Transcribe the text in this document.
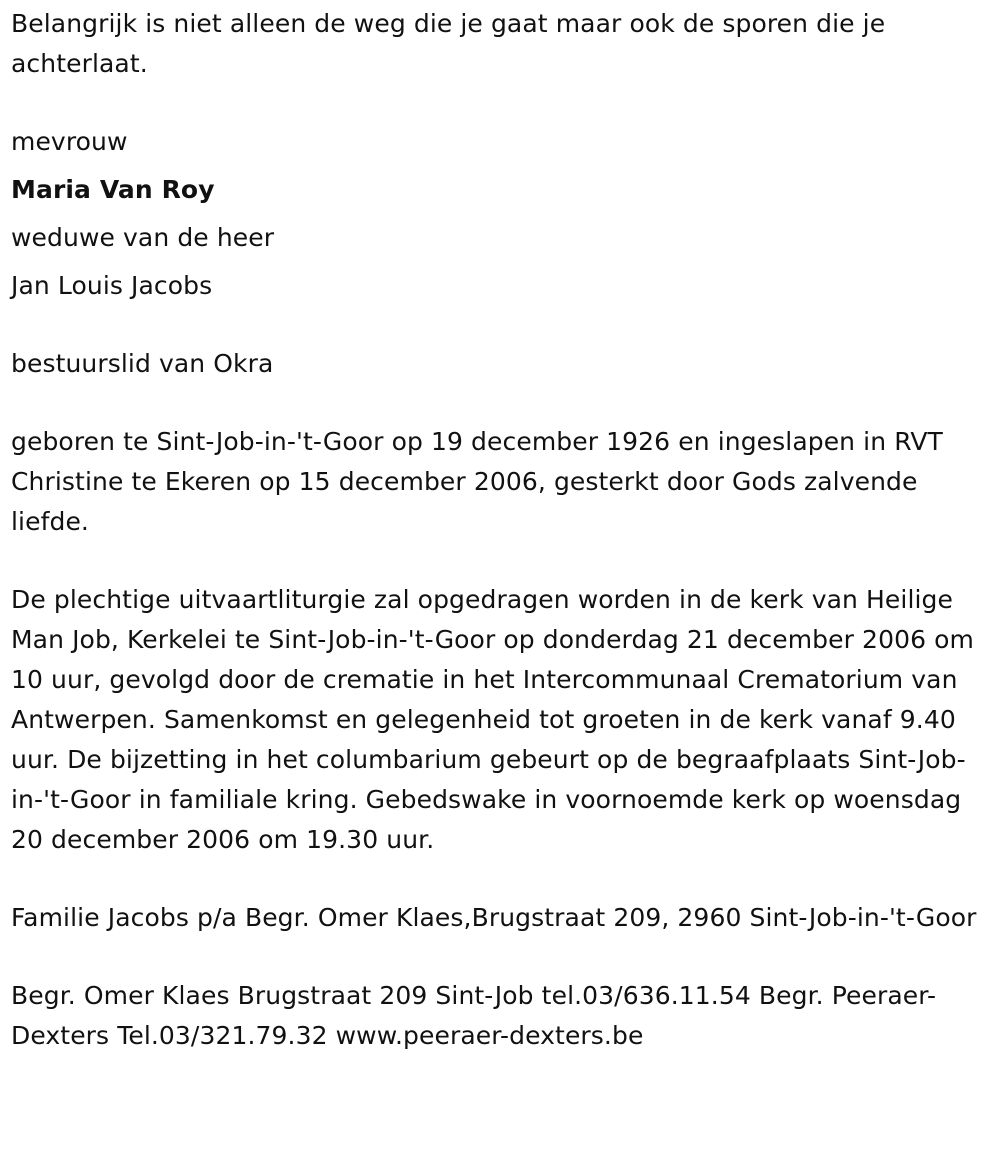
Belangrijk is niet alleen de weg die je gaat maar ook de sporen die je achterlaat.

mevrouw

Maria Van Roy

weduwe van de heer

Jan Louis Jacobs

bestuurslid van Okra

geboren te Sint-Job-in-'t-Goor op 19 december 1926 en ingeslapen in RVT Christine te Ekeren op 15 december 2006, gesterkt door Gods zalvende liefde.

De plechtige uitvaartliturgie zal opgedragen worden in de kerk van Heilige Man Job, Kerkelei te Sint-Job-in-'t-Goor op donderdag 21 december 2006 om 10 uur, gevolgd door de crematie in het Intercommunaal Crematorium van Antwerpen. Samenkomst en gelegenheid tot groeten in de kerk vanaf 9.40 uur. De bijzetting in het columbarium gebeurt op de begraafplaats Sint-Job-in-'t-Goor in familiale kring. Gebedswake in voornoemde kerk op woensdag 20 december 2006 om 19.30 uur.

Familie Jacobs p/a Begr. Omer Klaes,Brugstraat 209, 2960 Sint-Job-in-'t-Goor

Begr. Omer Klaes Brugstraat 209 Sint-Job tel.03/636.11.54 Begr. Peeraer-Dexters Tel.03/321.79.32 www.peeraer-dexters.be
